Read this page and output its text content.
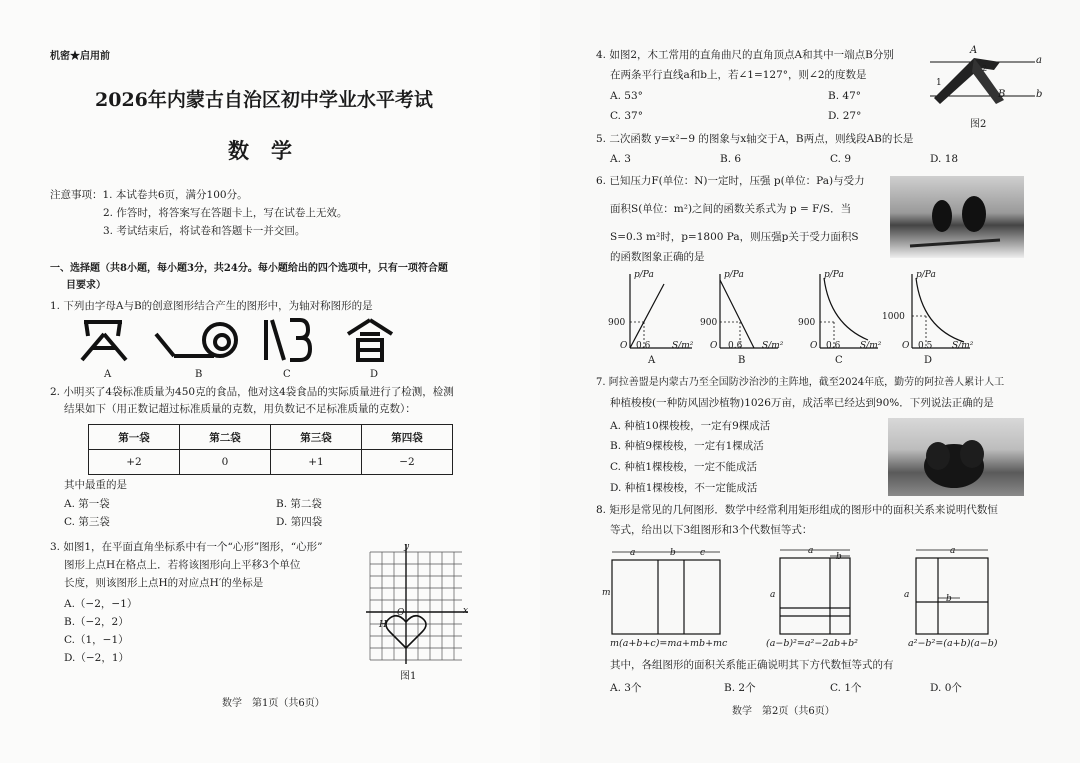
机密★启用前
2026年内蒙古自治区初中学业水平考试
数学
注意事项：1. 本试卷共6页，满分100分。
2. 作答时，将答案写在答题卡上，写在试卷上无效。
3. 考试结束后，将试卷和答题卡一并交回。
一、选择题（共8小题，每小题3分，共24分。每小题给出的四个选项中，只有一项符合题
目要求）
1. 下列由字母A与B的创意图形结合产生的图形中，为轴对称图形的是
A	B	C	D
2. 小明买了4袋标准质量为450克的食品，他对这4袋食品的实际质量进行了检测，检测
结果如下（用正数记超过标准质量的克数，用负数记不足标准质量的克数）：
第一袋	第二袋	第三袋	第四袋
+2	0	+1	−2
其中最重的是
A. 第一袋	B. 第二袋
C. 第三袋	D. 第四袋
3. 如图1，在平面直角坐标系中有一个“心形”图形，“心形”
图形上点H在格点上．若将该图形向上平移3个单位
长度，则该图形上点H的对应点H′的坐标是
A.（−2，−1）
B.（−2，2）
C.（1，−1）
D.（−2，1）
y
x
O
H
图1
数学　第1页（共6页）
4. 如图2，木工常用的直角曲尺的直角顶点A和其中一端点B分别
在两条平行直线a和b上，若∠1=127°，则∠2的度数是
A. 53°	B. 47°
C. 37°	D. 27°
A
B
a
b
1
2
图2
5. 二次函数 y=x²−9 的图象与x轴交于A，B两点，则线段AB的长是
A. 3	B. 6	C. 9	D. 18
6. 已知压力F(单位：N)一定时，压强 p(单位：Pa)与受力
面积S(单位：m²)之间的函数关系式为 p = F/S．当
S=0.3 m²时，p=1800 Pa，则压强p关于受力面积S
的函数图象正确的是
p/Pa	p/Pa	p/Pa	p/Pa
900	900	900
1000
O	O	O	O
0.6	0.6	0.6	0.5
S/m²	S/m²	S/m²	S/m²
A	B	C	D
7. 阿拉善盟是内蒙古乃至全国防沙治沙的主阵地，截至2024年底，勤劳的阿拉善人累计人工
种植梭梭(一种防风固沙植物)1026万亩，成活率已经达到90%．下列说法正确的是
A. 种植10棵梭梭，一定有9棵成活
B. 种植9棵梭梭，一定有1棵成活
C. 种植1棵梭梭，一定不能成活
D. 种植1棵梭梭，不一定能成活
8. 矩形是常见的几何图形．数学中经常利用矩形组成的图形中的面积关系来说明代数恒
等式，给出以下3组图形和3个代数恒等式：
a	b	c
m
a
b
a
a
a	b
m(a+b+c)=ma+mb+mc	(a−b)²=a²−2ab+b²	a²−b²=(a+b)(a−b)
其中，各组图形的面积关系能正确说明其下方代数恒等式的有
A. 3个	B. 2个	C. 1个	D. 0个
数学　第2页（共6页）
